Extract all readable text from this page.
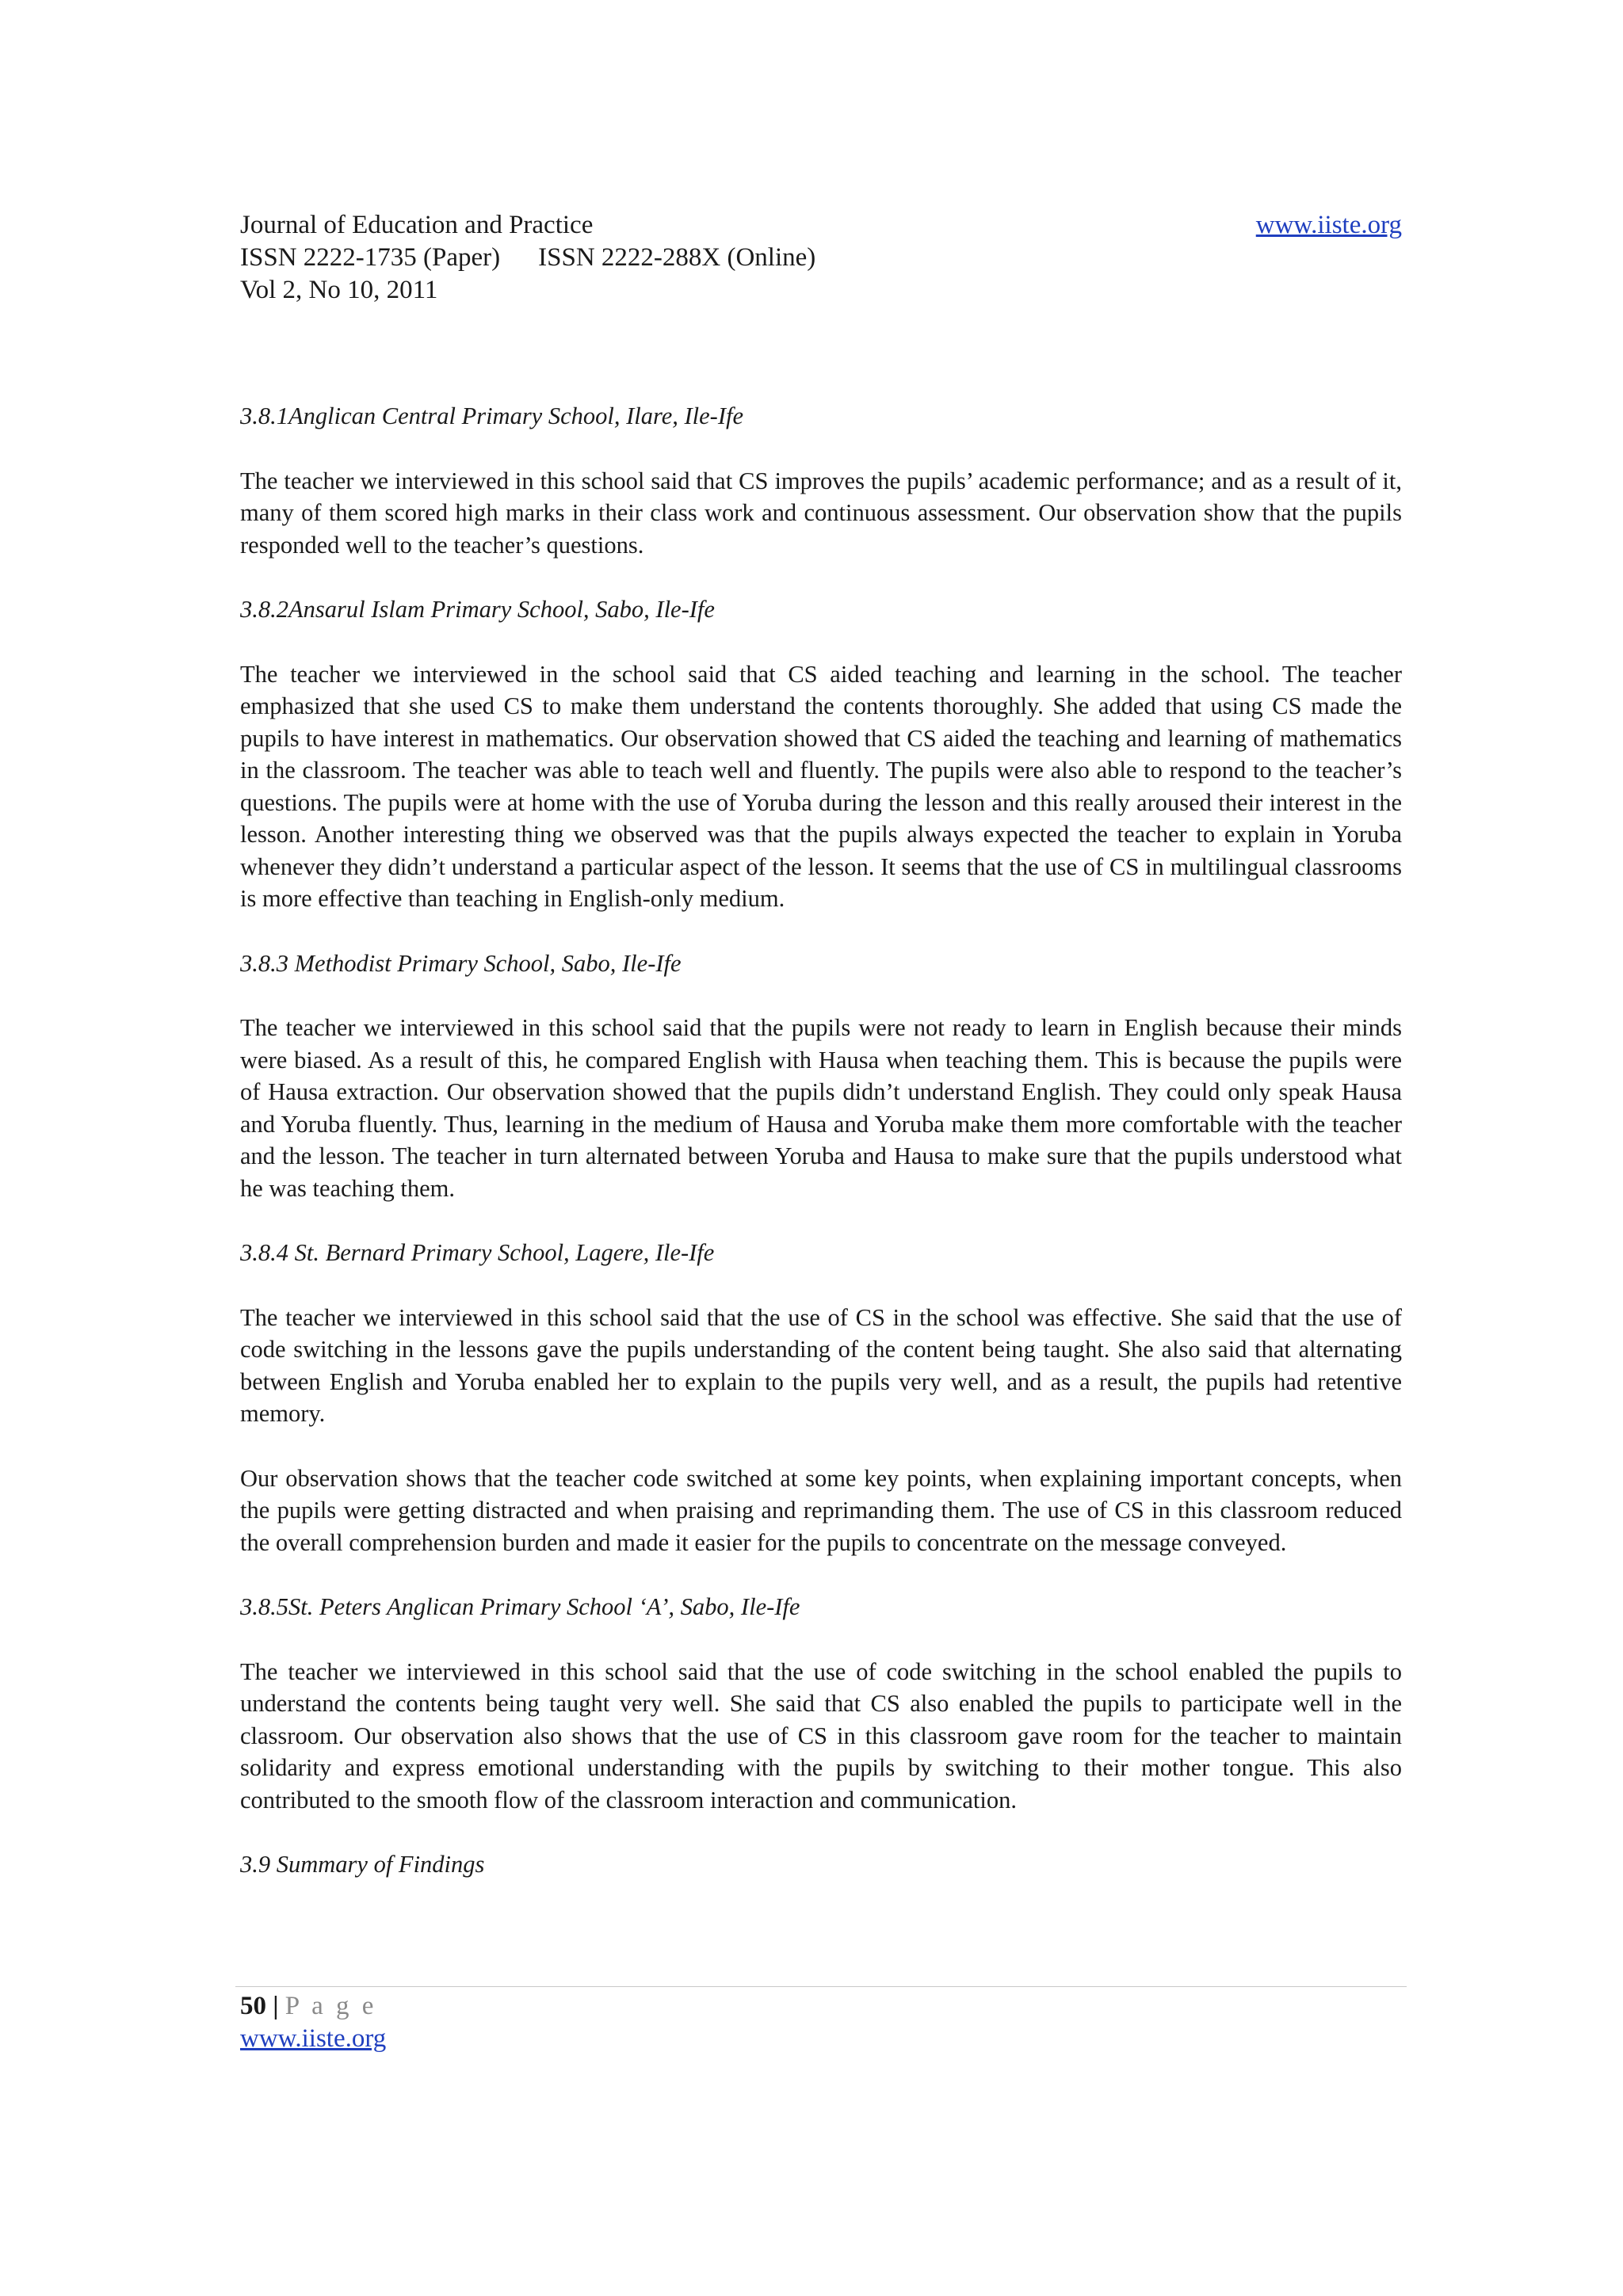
Journal of Education and Practice	www.iiste.org
ISSN 2222-1735 (Paper) ISSN 2222-288X (Online)
Vol 2, No 10, 2011

3.8.1Anglican Central Primary School, Ilare, Ile-Ife

The teacher we interviewed in this school said that CS improves the pupils’ academic performance; and as a result of it, many of them scored high marks in their class work and continuous assessment. Our observation show that the pupils responded well to the teacher’s questions.

3.8.2Ansarul Islam Primary School, Sabo, Ile-Ife

The teacher we interviewed in the school said that CS aided teaching and learning in the school. The teacher emphasized that she used CS to make them understand the contents thoroughly. She added that using CS made the pupils to have interest in mathematics. Our observation showed that CS aided the teaching and learning of mathematics in the classroom. The teacher was able to teach well and fluently. The pupils were also able to respond to the teacher’s questions. The pupils were at home with the use of Yoruba during the lesson and this really aroused their interest in the lesson. Another interesting thing we observed was that the pupils always expected the teacher to explain in Yoruba whenever they didn’t understand a particular aspect of the lesson. It seems that the use of CS in multilingual classrooms is more effective than teaching in English-only medium.

3.8.3 Methodist Primary School, Sabo, Ile-Ife

The teacher we interviewed in this school said that the pupils were not ready to learn in English because their minds were biased. As a result of this, he compared English with Hausa when teaching them. This is because the pupils were of Hausa extraction. Our observation showed that the pupils didn’t understand English. They could only speak Hausa and Yoruba fluently. Thus, learning in the medium of Hausa and Yoruba make them more comfortable with the teacher and the lesson. The teacher in turn alternated between Yoruba and Hausa to make sure that the pupils understood what he was teaching them.

3.8.4 St. Bernard Primary School, Lagere, Ile-Ife

The teacher we interviewed in this school said that the use of CS in the school was effective. She said that the use of code switching in the lessons gave the pupils understanding of the content being taught. She also said that alternating between English and Yoruba enabled her to explain to the pupils very well, and as a result, the pupils had retentive memory.

Our observation shows that the teacher code switched at some key points, when explaining important concepts, when the pupils were getting distracted and when praising and reprimanding them. The use of CS in this classroom reduced the overall comprehension burden and made it easier for the pupils to concentrate on the message conveyed.

3.8.5St. Peters Anglican Primary School ‘A’, Sabo, Ile-Ife

The teacher we interviewed in this school said that the use of code switching in the school enabled the pupils to understand the contents being taught very well. She said that CS also enabled the pupils to participate well in the classroom. Our observation also shows that the use of CS in this classroom gave room for the teacher to maintain solidarity and express emotional understanding with the pupils by switching to their mother tongue. This also contributed to the smooth flow of the classroom interaction and communication.

3.9 Summary of Findings

50 | P a g e
www.iiste.org
